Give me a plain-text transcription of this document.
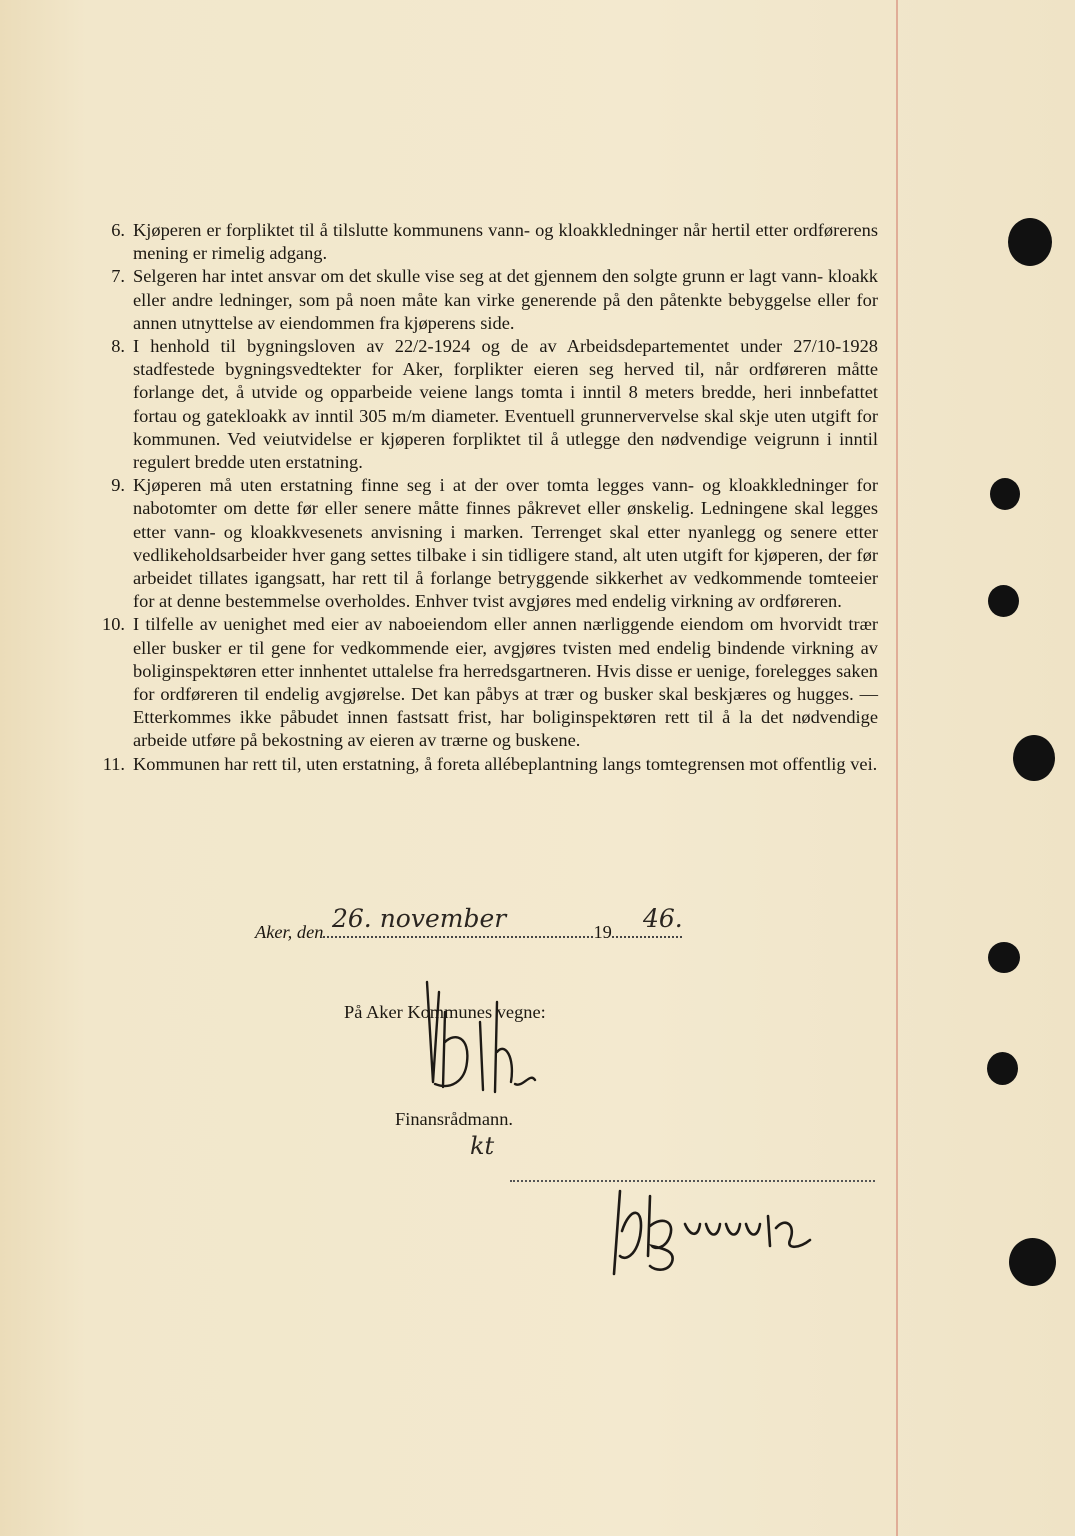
6. Kjøperen er forpliktet til å tilslutte kommunens vann- og kloakkledninger når hertil etter ordførerens mening er rimelig adgang.
7. Selgeren har intet ansvar om det skulle vise seg at det gjennem den solgte grunn er lagt vann- kloakk eller andre ledninger, som på noen måte kan virke generende på den påtenkte bebyggelse eller for annen utnyttelse av eiendommen fra kjøperens side.
8. I henhold til bygningsloven av 22/2-1924 og de av Arbeidsdepartementet under 27/10-1928 stadfestede bygningsvedtekter for Aker, forplikter eieren seg herved til, når ordføreren måtte forlange det, å utvide og opparbeide veiene langs tomta i inntil 8 meters bredde, heri innbefattet fortau og gatekloakk av inntil 305 m/m diameter. Eventuell grunnervervelse skal skje uten utgift for kommunen. Ved veiutvidelse er kjøperen forpliktet til å utlegge den nødvendige veigrunn i inntil regulert bredde uten erstatning.
9. Kjøperen må uten erstatning finne seg i at der over tomta legges vann- og kloakkledninger for nabotomter om dette før eller senere måtte finnes påkrevet eller ønskelig. Ledningene skal legges etter vann- og kloakkvesenets anvisning i marken. Terrenget skal etter nyanlegg og senere etter vedlikeholdsarbeider hver gang settes tilbake i sin tidligere stand, alt uten utgift for kjøperen, der før arbeidet tillates igangsatt, har rett til å forlange betryggende sikkerhet av vedkommende tomteeier for at denne bestemmelse overholdes. Enhver tvist avgjøres med endelig virkning av ordføreren.
10. I tilfelle av uenighet med eier av naboeiendom eller annen nærliggende eiendom om hvorvidt trær eller busker er til gene for vedkommende eier, avgjøres tvisten med endelig bindende virkning av boliginspektøren etter innhentet uttalelse fra herredsgartneren. Hvis disse er uenige, forelegges saken for ordføreren til endelig avgjørelse. Det kan påbys at trær og busker skal beskjæres og hugges. — Etterkommes ikke påbudet innen fastsatt frist, har boliginspektøren rett til å la det nødvendige arbeide utføre på bekostning av eieren av trærne og buskene.
11. Kommunen har rett til, uten erstatning, å foreta allébeplantning langs tomtegrensen mot offentlig vei.
Aker, den	19
26. november	46.
På Aker Kommunes vegne:
Finansrådmann.
kt
